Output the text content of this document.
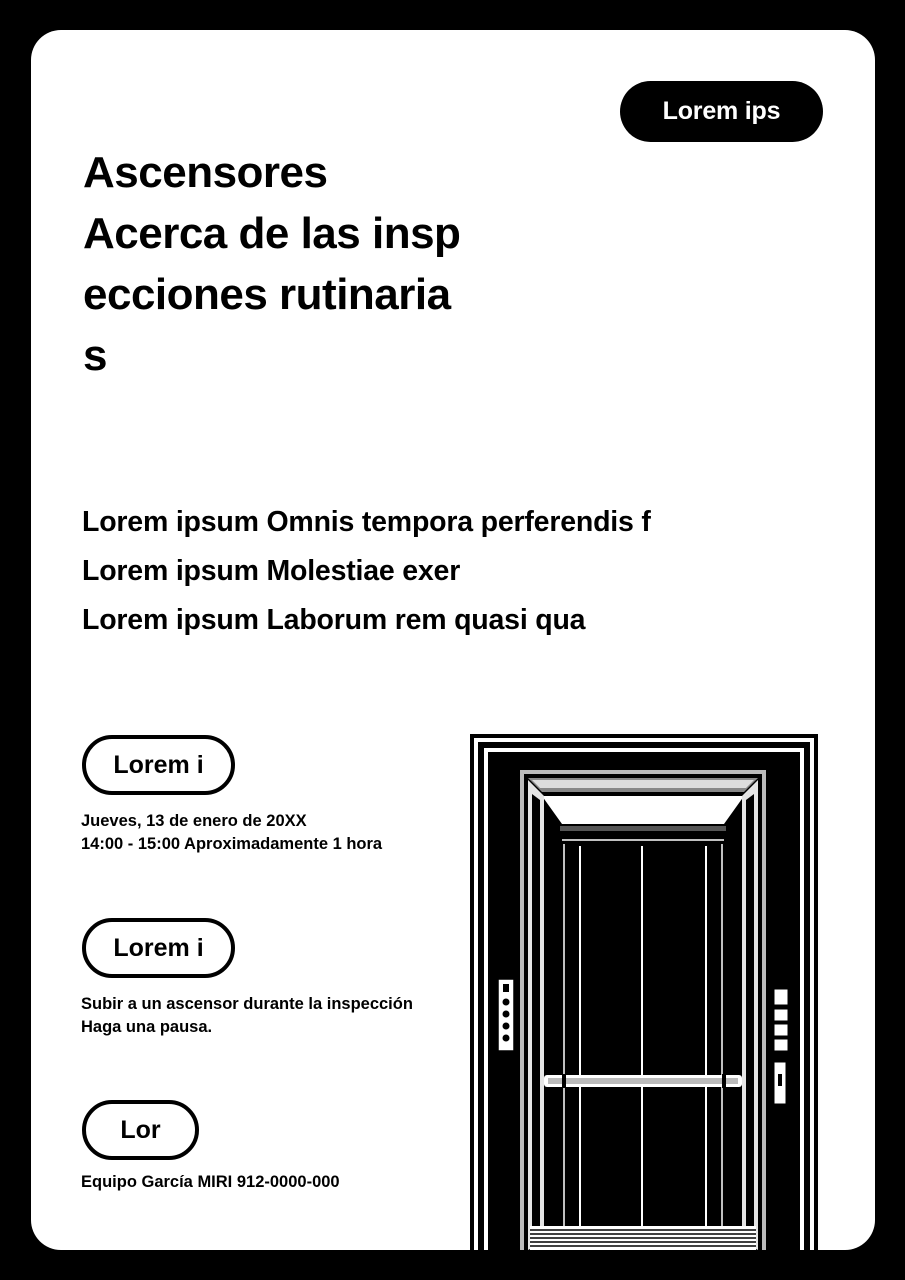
Lorem ips
Ascensores
Acerca de las insp
ecciones rutinaria
s
Lorem ipsum Omnis tempora perferendis f
Lorem ipsum Molestiae exer
Lorem ipsum Laborum rem quasi qua
Lorem i
Jueves, 13 de enero de 20XX
14:00 - 15:00 Aproximadamente 1 hora
Lorem i
Subir a un ascensor durante la inspección
Haga una pausa.
Lor
Equipo García MIRI 912-0000-000
